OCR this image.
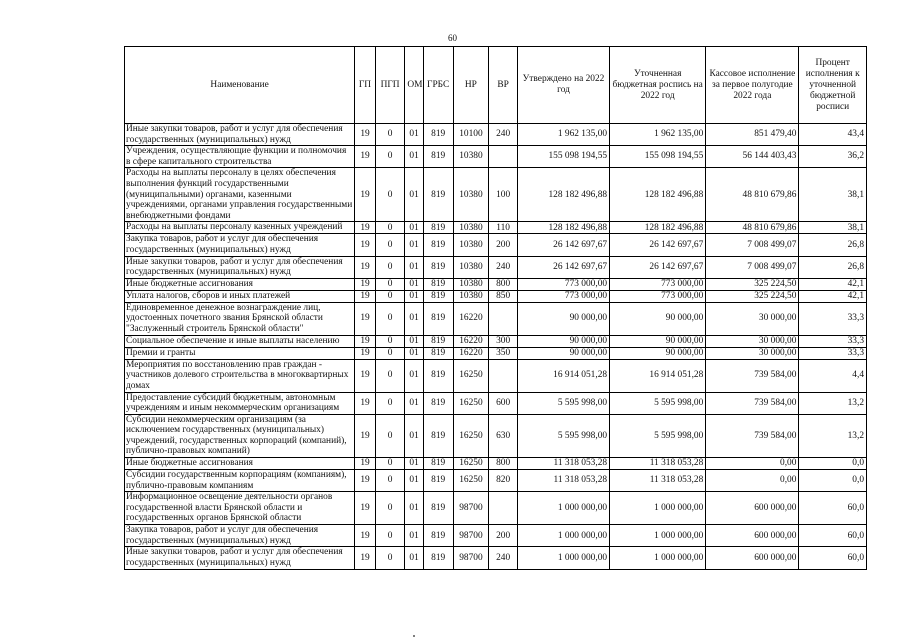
60
Наименование	ГП	ПГП	ОМ	ГРБС	НР	ВР	Утверждено на 2022 год	Уточненная бюджетная роспись на 2022 год	Кассовое исполнение за первое полугодие 2022 года	Процент исполнения к уточненной бюджетной росписи
Иные закупки товаров, работ и услуг для обеспечения государственных (муниципальных) нужд	19	0	01	819	10100	240	1 962 135,00	1 962 135,00	851 479,40	43,4
Учреждения, осуществляющие функции и полномочия в сфере капитального строительства	19	0	01	819	10380		155 098 194,55	155 098 194,55	56 144 403,43	36,2
Расходы на выплаты персоналу в целях обеспечения выполнения функций государственными (муниципальными) органами, казенными учреждениями, органами управления государственными внебюджетными фондами	19	0	01	819	10380	100	128 182 496,88	128 182 496,88	48 810 679,86	38,1
Расходы на выплаты персоналу казенных учреждений	19	0	01	819	10380	110	128 182 496,88	128 182 496,88	48 810 679,86	38,1
Закупка товаров, работ и услуг для обеспечения государственных (муниципальных) нужд	19	0	01	819	10380	200	26 142 697,67	26 142 697,67	7 008 499,07	26,8
Иные закупки товаров, работ и услуг для обеспечения государственных (муниципальных) нужд	19	0	01	819	10380	240	26 142 697,67	26 142 697,67	7 008 499,07	26,8
Иные бюджетные ассигнования	19	0	01	819	10380	800	773 000,00	773 000,00	325 224,50	42,1
Уплата налогов, сборов и иных платежей	19	0	01	819	10380	850	773 000,00	773 000,00	325 224,50	42,1
Единовременное денежное вознаграждение лиц, удостоенных почетного звания Брянской области "Заслуженный строитель Брянской области"	19	0	01	819	16220		90 000,00	90 000,00	30 000,00	33,3
Социальное обеспечение и иные выплаты населению	19	0	01	819	16220	300	90 000,00	90 000,00	30 000,00	33,3
Премии и гранты	19	0	01	819	16220	350	90 000,00	90 000,00	30 000,00	33,3
Мероприятия по восстановлению прав граждан - участников долевого строительства в многоквартирных домах	19	0	01	819	16250		16 914 051,28	16 914 051,28	739 584,00	4,4
Предоставление субсидий бюджетным, автономным учреждениям и иным некоммерческим организациям	19	0	01	819	16250	600	5 595 998,00	5 595 998,00	739 584,00	13,2
Субсидии некоммерческим организациям (за исключением государственных (муниципальных) учреждений, государственных корпораций (компаний), публично-правовых компаний)	19	0	01	819	16250	630	5 595 998,00	5 595 998,00	739 584,00	13,2
Иные бюджетные ассигнования	19	0	01	819	16250	800	11 318 053,28	11 318 053,28	0,00	0,0
Субсидии государственным корпорациям (компаниям), публично-правовым компаниям	19	0	01	819	16250	820	11 318 053,28	11 318 053,28	0,00	0,0
Информационное освещение деятельности органов государственной власти Брянской области и государственных органов Брянской области	19	0	01	819	98700		1 000 000,00	1 000 000,00	600 000,00	60,0
Закупка товаров, работ и услуг для обеспечения государственных (муниципальных) нужд	19	0	01	819	98700	200	1 000 000,00	1 000 000,00	600 000,00	60,0
Иные закупки товаров, работ и услуг для обеспечения государственных (муниципальных) нужд	19	0	01	819	98700	240	1 000 000,00	1 000 000,00	600 000,00	60,0
